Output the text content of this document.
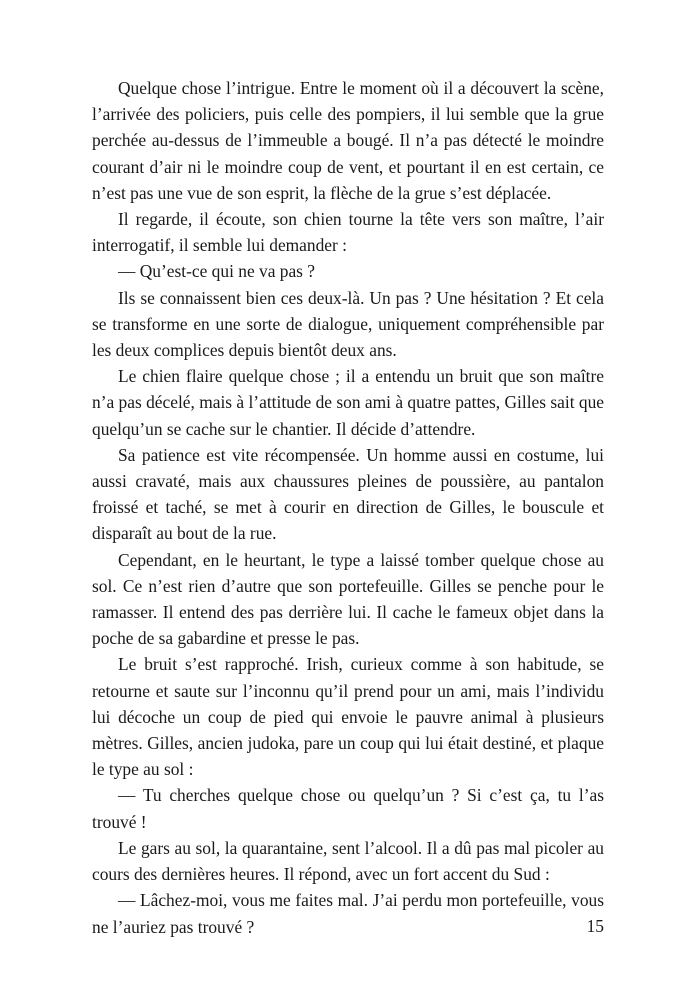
Quelque chose l’intrigue. Entre le moment où il a découvert la scène, l’arrivée des policiers, puis celle des pompiers, il lui semble que la grue perchée au-dessus de l’immeuble a bougé. Il n’a pas détecté le moindre courant d’air ni le moindre coup de vent, et pourtant il en est certain, ce n’est pas une vue de son esprit, la flèche de la grue s’est déplacée.

Il regarde, il écoute, son chien tourne la tête vers son maître, l’air interrogatif, il semble lui demander :

— Qu’est-ce qui ne va pas ?

Ils se connaissent bien ces deux-là. Un pas ? Une hésitation ? Et cela se transforme en une sorte de dialogue, uniquement compréhensible par les deux complices depuis bientôt deux ans.

Le chien flaire quelque chose ; il a entendu un bruit que son maître n’a pas décelé, mais à l’attitude de son ami à quatre pattes, Gilles sait que quelqu’un se cache sur le chantier. Il décide d’attendre.

Sa patience est vite récompensée. Un homme aussi en costume, lui aussi cravaté, mais aux chaussures pleines de poussière, au pantalon froissé et taché, se met à courir en direction de Gilles, le bouscule et disparaît au bout de la rue.

Cependant, en le heurtant, le type a laissé tomber quelque chose au sol. Ce n’est rien d’autre que son portefeuille. Gilles se penche pour le ramasser. Il entend des pas derrière lui. Il cache le fameux objet dans la poche de sa gabardine et presse le pas.

Le bruit s’est rapproché. Irish, curieux comme à son habitude, se retourne et saute sur l’inconnu qu’il prend pour un ami, mais l’individu lui décoche un coup de pied qui envoie le pauvre animal à plusieurs mètres. Gilles, ancien judoka, pare un coup qui lui était destiné, et plaque le type au sol :

— Tu cherches quelque chose ou quelqu’un ? Si c’est ça, tu l’as trouvé !

Le gars au sol, la quarantaine, sent l’alcool. Il a dû pas mal picoler au cours des dernières heures. Il répond, avec un fort accent du Sud :

— Lâchez-moi, vous me faites mal. J’ai perdu mon portefeuille, vous ne l’auriez pas trouvé ?	15
